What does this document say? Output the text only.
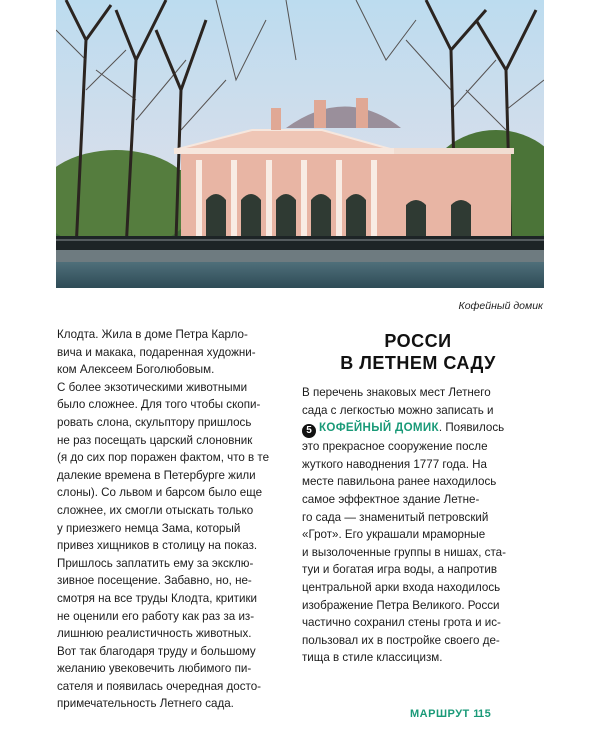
Кофейный домик

Клодта. Жила в доме Петра Карло-

вича и макака, подаренная художни-

ком Алексеем Боголюбовым.

С более экзотическими животными

было сложнее. Для того чтобы скопи-

ровать слона, скульптору пришлось

не раз посещать царский слоновник

(я до сих пор поражен фактом, что в те

далекие времена в Петербурге жили

слоны). Со львом и барсом было еще

сложнее, их смогли отыскать только

у приезжего немца Зама, который

привез хищников в столицу на показ.

Пришлось заплатить ему за эксклю-

зивное посещение. Забавно, но, не-

смотря на все труды Клодта, критики

не оценили его работу как раз за из-

лишнюю реалистичность животных.

Вот так благодаря труду и большому

желанию увековечить любимого пи-

сателя и появилась очередная досто-

примечательность Летнего сада.

РОССИ
В ЛЕТНЕМ САДУ

В перечень знаковых мест Летнего

сада с легкостью можно записать и

5 КОФЕЙНЫЙ ДОМИК. Появилось

это прекрасное сооружение после

жуткого наводнения 1777 года. На

месте павильона ранее находилось

самое эффектное здание Летне-

го сада — знаменитый петровский

«Грот». Его украшали мраморные

и вызолоченные группы в нишах, ста-

туи и богатая игра воды, а напротив

центральной арки входа находилось

изображение Петра Великого. Росси

частично сохранил стены грота и ис-

пользовал их в постройке своего де-

тища в стиле классицизм.

МАРШРУТ 1
15
